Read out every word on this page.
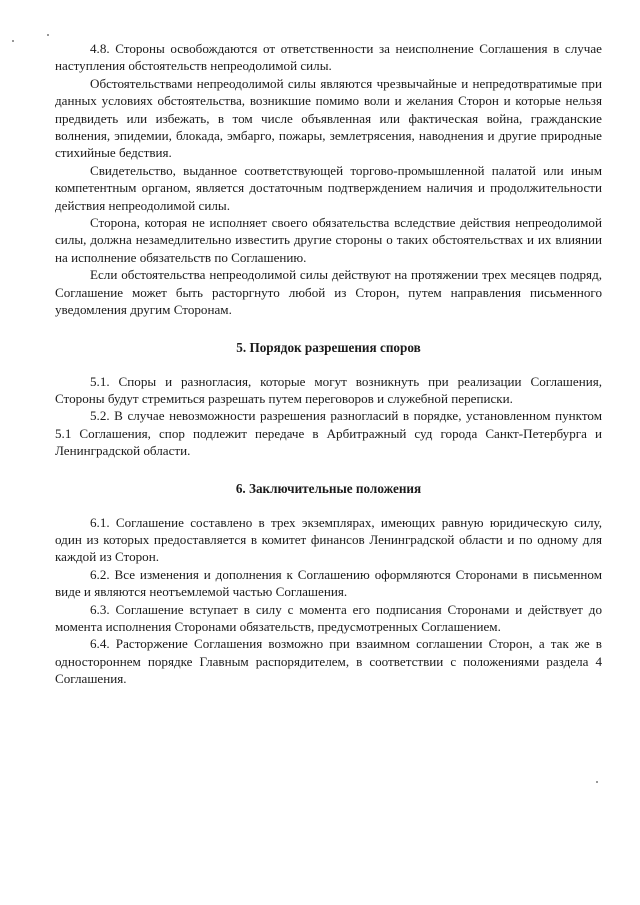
4.8. Стороны освобождаются от ответственности за неисполнение Соглашения в случае наступления обстоятельств непреодолимой силы.

Обстоятельствами непреодолимой силы являются чрезвычайные и непредотвратимые при данных условиях обстоятельства, возникшие помимо воли и желания Сторон и которые нельзя предвидеть или избежать, в том числе объявленная или фактическая война, гражданские волнения, эпидемии, блокада, эмбарго, пожары, землетрясения, наводнения и другие природные стихийные бедствия.

Свидетельство, выданное соответствующей торгово-промышленной палатой или иным компетентным органом, является достаточным подтверждением наличия и продолжительности действия непреодолимой силы.

Сторона, которая не исполняет своего обязательства вследствие действия непреодолимой силы, должна незамедлительно известить другие стороны о таких обстоятельствах и их влиянии на исполнение обязательств по Соглашению.

Если обстоятельства непреодолимой силы действуют на протяжении трех месяцев подряд, Соглашение может быть расторгнуто любой из Сторон, путем направления письменного уведомления другим Сторонам.

5. Порядок разрешения споров

5.1. Споры и разногласия, которые могут возникнуть при реализации Соглашения, Стороны будут стремиться разрешать путем переговоров и служебной переписки.

5.2. В случае невозможности разрешения разногласий в порядке, установленном пунктом 5.1 Соглашения, спор подлежит передаче в Арбитражный суд города Санкт-Петербурга и Ленинградской области.

6. Заключительные положения

6.1. Соглашение составлено в трех экземплярах, имеющих равную юридическую силу, один из которых предоставляется в комитет финансов Ленинградской области и по одному для каждой из Сторон.

6.2. Все изменения и дополнения к Соглашению оформляются Сторонами в письменном виде и являются неотъемлемой частью Соглашения.

6.3. Соглашение вступает в силу с момента его подписания Сторонами и действует до момента исполнения Сторонами обязательств, предусмотренных Соглашением.

6.4. Расторжение Соглашения возможно при взаимном соглашении Сторон, а так же в одностороннем порядке Главным распорядителем, в соответствии с положениями раздела 4 Соглашения.
